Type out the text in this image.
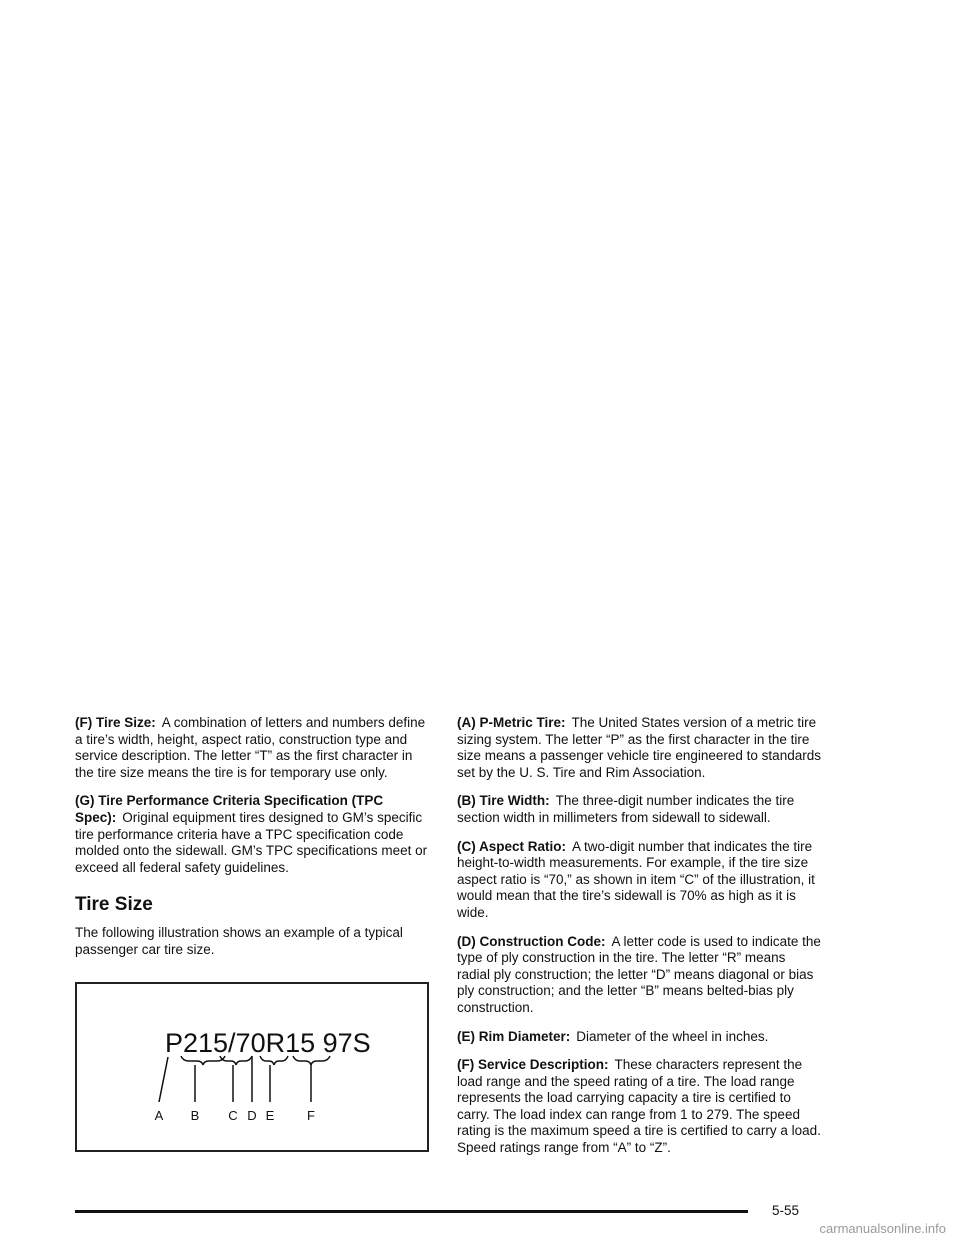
(F) Tire Size: A combination of letters and numbers define a tire’s width, height, aspect ratio, construction type and service description. The letter “T” as the first character in the tire size means the tire is for temporary use only.

(G) Tire Performance Criteria Specification (TPC Spec): Original equipment tires designed to GM’s specific tire performance criteria have a TPC specification code molded onto the sidewall. GM’s TPC specifications meet or exceed all federal safety guidelines.

Tire Size

The following illustration shows an example of a typical passenger car tire size.

P215/70R15 97S
A B C D E	F

(A) P-Metric Tire: The United States version of a metric tire sizing system. The letter “P” as the first character in the tire size means a passenger vehicle tire engineered to standards set by the U. S. Tire and Rim Association.

(B) Tire Width: The three-digit number indicates the tire section width in millimeters from sidewall to sidewall.

(C) Aspect Ratio: A two-digit number that indicates the tire height-to-width measurements. For example, if the tire size aspect ratio is “70,” as shown in item “C” of the illustration, it would mean that the tire’s sidewall is 70% as high as it is wide.

(D) Construction Code: A letter code is used to indicate the type of ply construction in the tire. The letter “R” means radial ply construction; the letter “D” means diagonal or bias ply construction; and the letter “B” means belted-bias ply construction.

(E) Rim Diameter: Diameter of the wheel in inches.

(F) Service Description: These characters represent the load range and the speed rating of a tire. The load range represents the load carrying capacity a tire is certified to carry. The load index can range from 1 to 279. The speed rating is the maximum speed a tire is certified to carry a load. Speed ratings range from “A” to “Z”.

5-55
carmanualsonline.info
